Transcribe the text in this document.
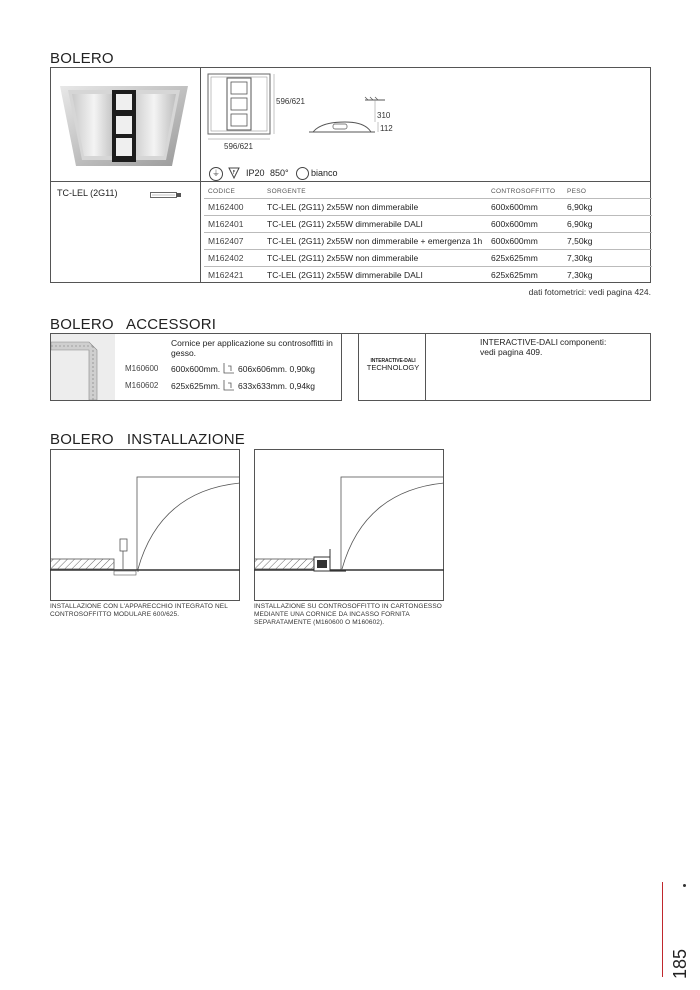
BOLERO
596/621
596/621
310
112
⏚	F IP20 850° bianco
TC-LEL (2G11)	CODICE	SORGENTE	CONTROSOFFITTO	PESO
M162400	TC-LEL (2G11) 2x55W non dimmerabile	600x600mm	6,90kg
M162401	TC-LEL (2G11) 2x55W dimmerabile DALI	600x600mm	6,90kg
M162407	TC-LEL (2G11) 2x55W non dimmerabile + emergenza 1h	600x600mm	7,50kg
M162402	TC-LEL (2G11) 2x55W non dimmerabile	625x625mm	7,30kg
M162421	TC-LEL (2G11) 2x55W dimmerabile DALI	625x625mm	7,30kg
dati fotometrici: vedi pagina 424.
BOLERO   ACCESSORI
Cornice per applicazione su controsoffitti in gesso.
M160600 600x600mm. 606x606mm. 0,90kg
M160602 625x625mm. 633x633mm. 0,94kg
INTERACTIVE-DALI
TECHNOLOGY
INTERACTIVE-DALI componenti:
vedi pagina 409.
BOLERO   INSTALLAZIONE
INSTALLAZIONE CON L'APPARECCHIO INTEGRATO NEL CONTROSOFFITTO MODULARE 600/625.
INSTALLAZIONE SU CONTROSOFFITTO IN CARTONGESSO MEDIANTE UNA CORNICE DA INCASSO FORNITA SEPARATAMENTE (M160600 O M160602).
185
